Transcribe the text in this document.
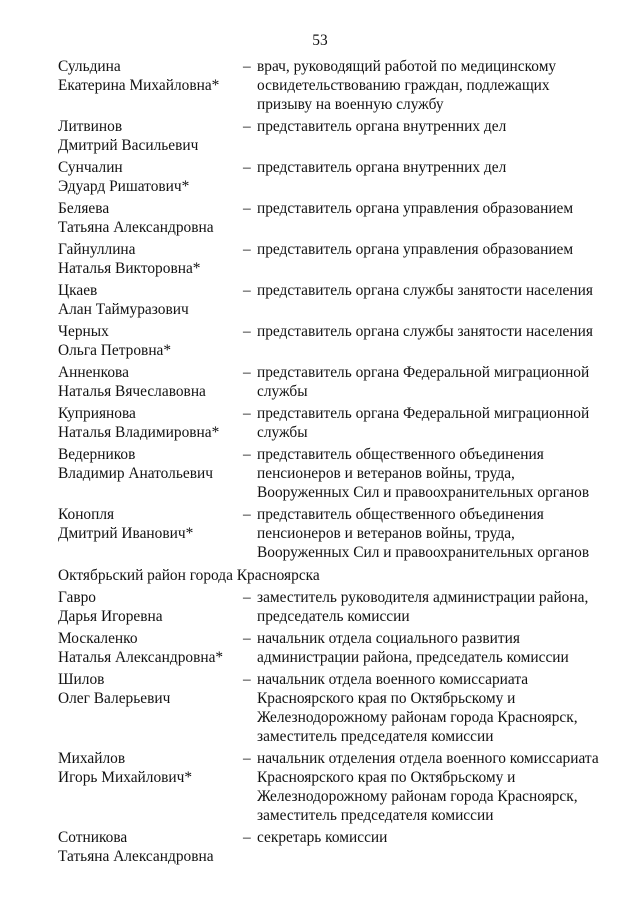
53
Сульдина
Екатерина Михайловна*
– врач, руководящий работой по медицинскому
освидетельствованию граждан, подлежащих
призыву на военную службу
Литвинов
Дмитрий Васильевич
– представитель органа внутренних дел
Сунчалин
Эдуард Ришатович*
– представитель органа внутренних дел
Беляева
Татьяна Александровна
– представитель органа управления образованием
Гайнуллина
Наталья Викторовна*
– представитель органа управления образованием
Цкаев
Алан Таймуразович
– представитель органа службы занятости населения
Черных
Ольга Петровна*
– представитель органа службы занятости населения
Анненкова
Наталья Вячеславовна
– представитель органа Федеральной миграционной
службы
Куприянова
Наталья Владимировна*
– представитель органа Федеральной миграционной
службы
Ведерников
Владимир Анатольевич
– представитель общественного объединения
пенсионеров и ветеранов войны, труда,
Вооруженных Сил и правоохранительных органов
Конопля
Дмитрий Иванович*
– представитель общественного объединения
пенсионеров и ветеранов войны, труда,
Вооруженных Сил и правоохранительных органов
Октябрьский район города Красноярска
Гавро
Дарья Игоревна
– заместитель руководителя администрации района,
председатель комиссии
Москаленко
Наталья Александровна*
– начальник отдела социального развития
администрации района, председатель комиссии
Шилов
Олег Валерьевич
– начальник отдела военного комиссариата
Красноярского края по Октябрьскому и
Железнодорожному районам города Красноярск,
заместитель председателя комиссии
Михайлов
Игорь Михайлович*
– начальник отделения отдела военного комиссариата
Красноярского края по Октябрьскому и
Железнодорожному районам города Красноярск,
заместитель председателя комиссии
Сотникова
Татьяна Александровна
– секретарь комиссии
